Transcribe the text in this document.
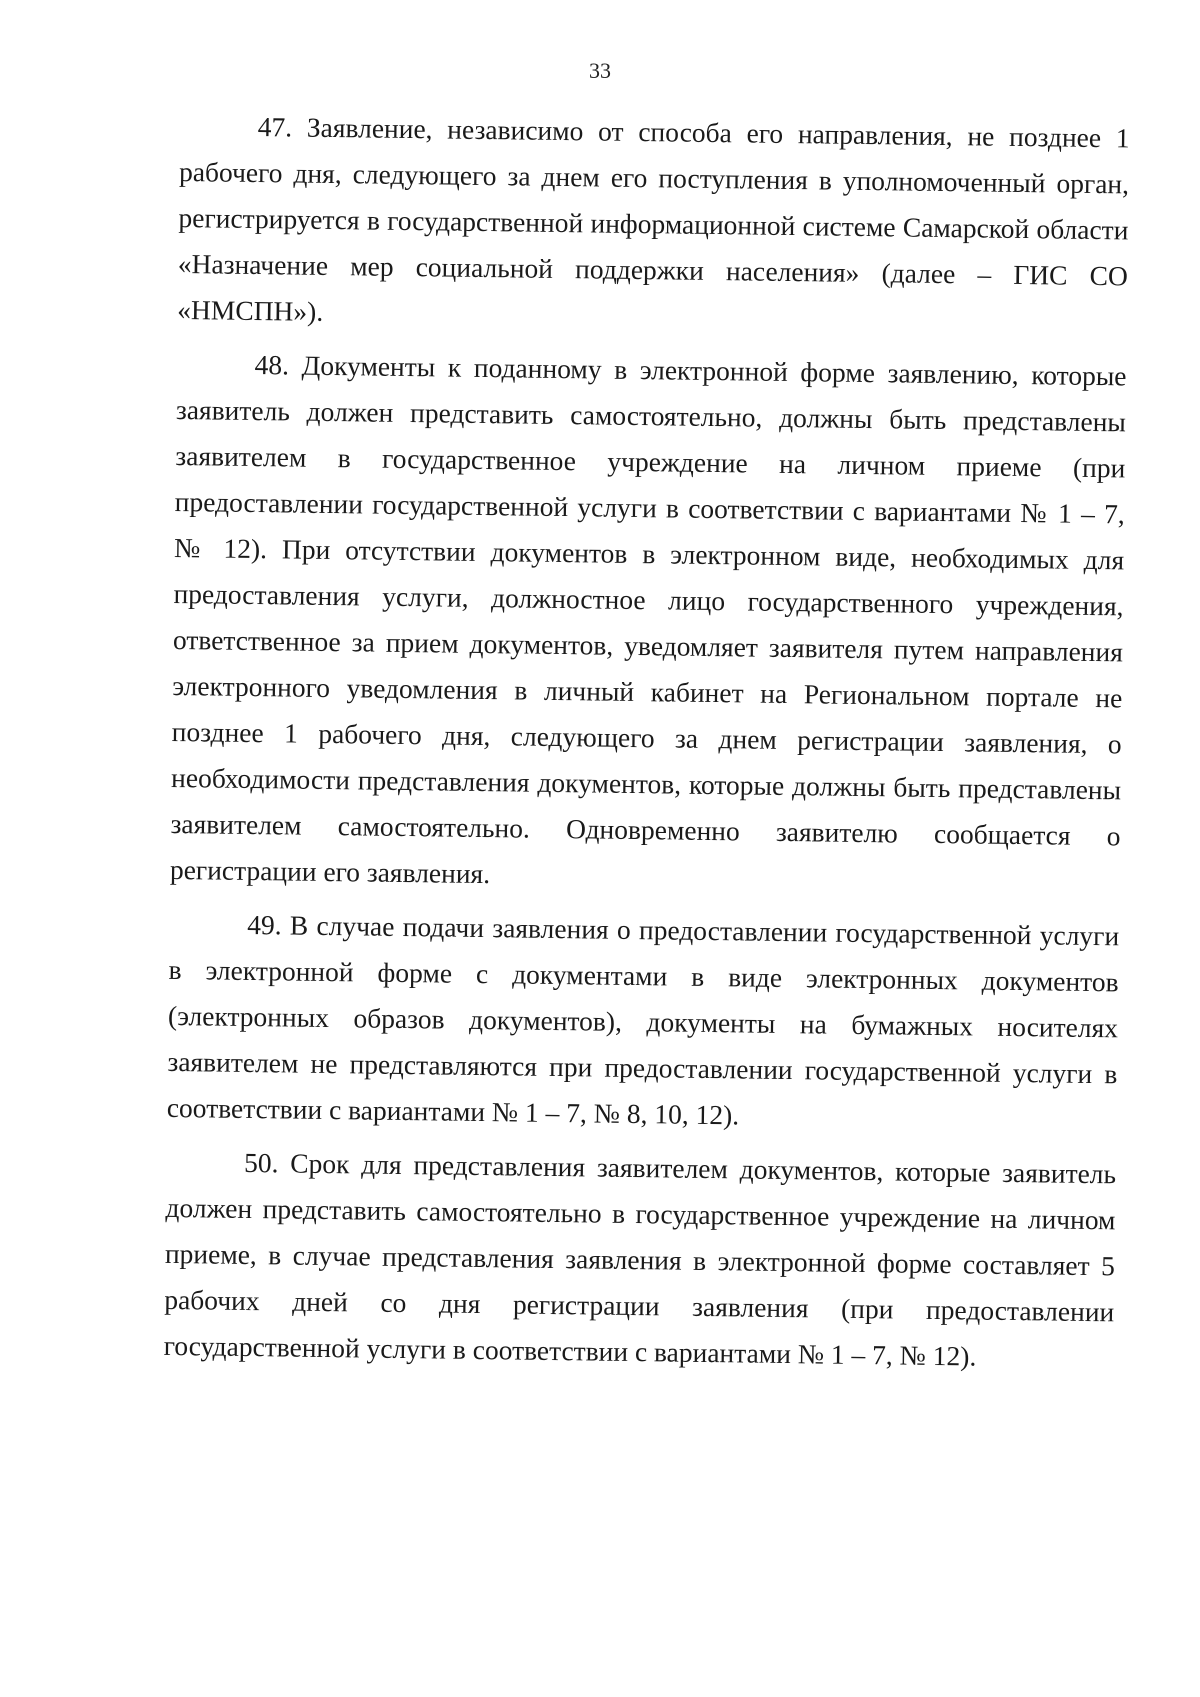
33

47. Заявление, независимо от способа его направления, не позднее 1 рабочего дня, следующего за днем его поступления в уполномоченный орган, регистрируется в государственной информационной системе Самарской области «Назначение мер социальной поддержки населения» (далее – ГИС СО «НМСПН»).

48. Документы к поданному в электронной форме заявлению, которые заявитель должен представить самостоятельно, должны быть представлены заявителем в государственное учреждение на личном приеме (при предоставлении государственной услуги в соответствии с вариантами № 1 – 7, № 12). При отсутствии документов в электронном виде, необходимых для предоставления услуги, должностное лицо государственного учреждения, ответственное за прием документов, уведомляет заявителя путем направления электронного уведомления в личный кабинет на Региональном портале не позднее 1 рабочего дня, следующего за днем регистрации заявления, о необходимости представления документов, которые должны быть представлены заявителем самостоятельно. Одновременно заявителю сообщается о регистрации его заявления.

49. В случае подачи заявления о предоставлении государственной услуги в электронной форме с документами в виде электронных документов (электронных образов документов), документы на бумажных носителях заявителем не представляются при предоставлении государственной услуги в соответствии с вариантами № 1 – 7, № 8, 10, 12).

50. Срок для представления заявителем документов, которые заявитель должен представить самостоятельно в государственное учреждение на личном приеме, в случае представления заявления в электронной форме составляет 5 рабочих дней со дня регистрации заявления (при предоставлении государственной услуги в соответствии с вариантами № 1 – 7, № 12).
